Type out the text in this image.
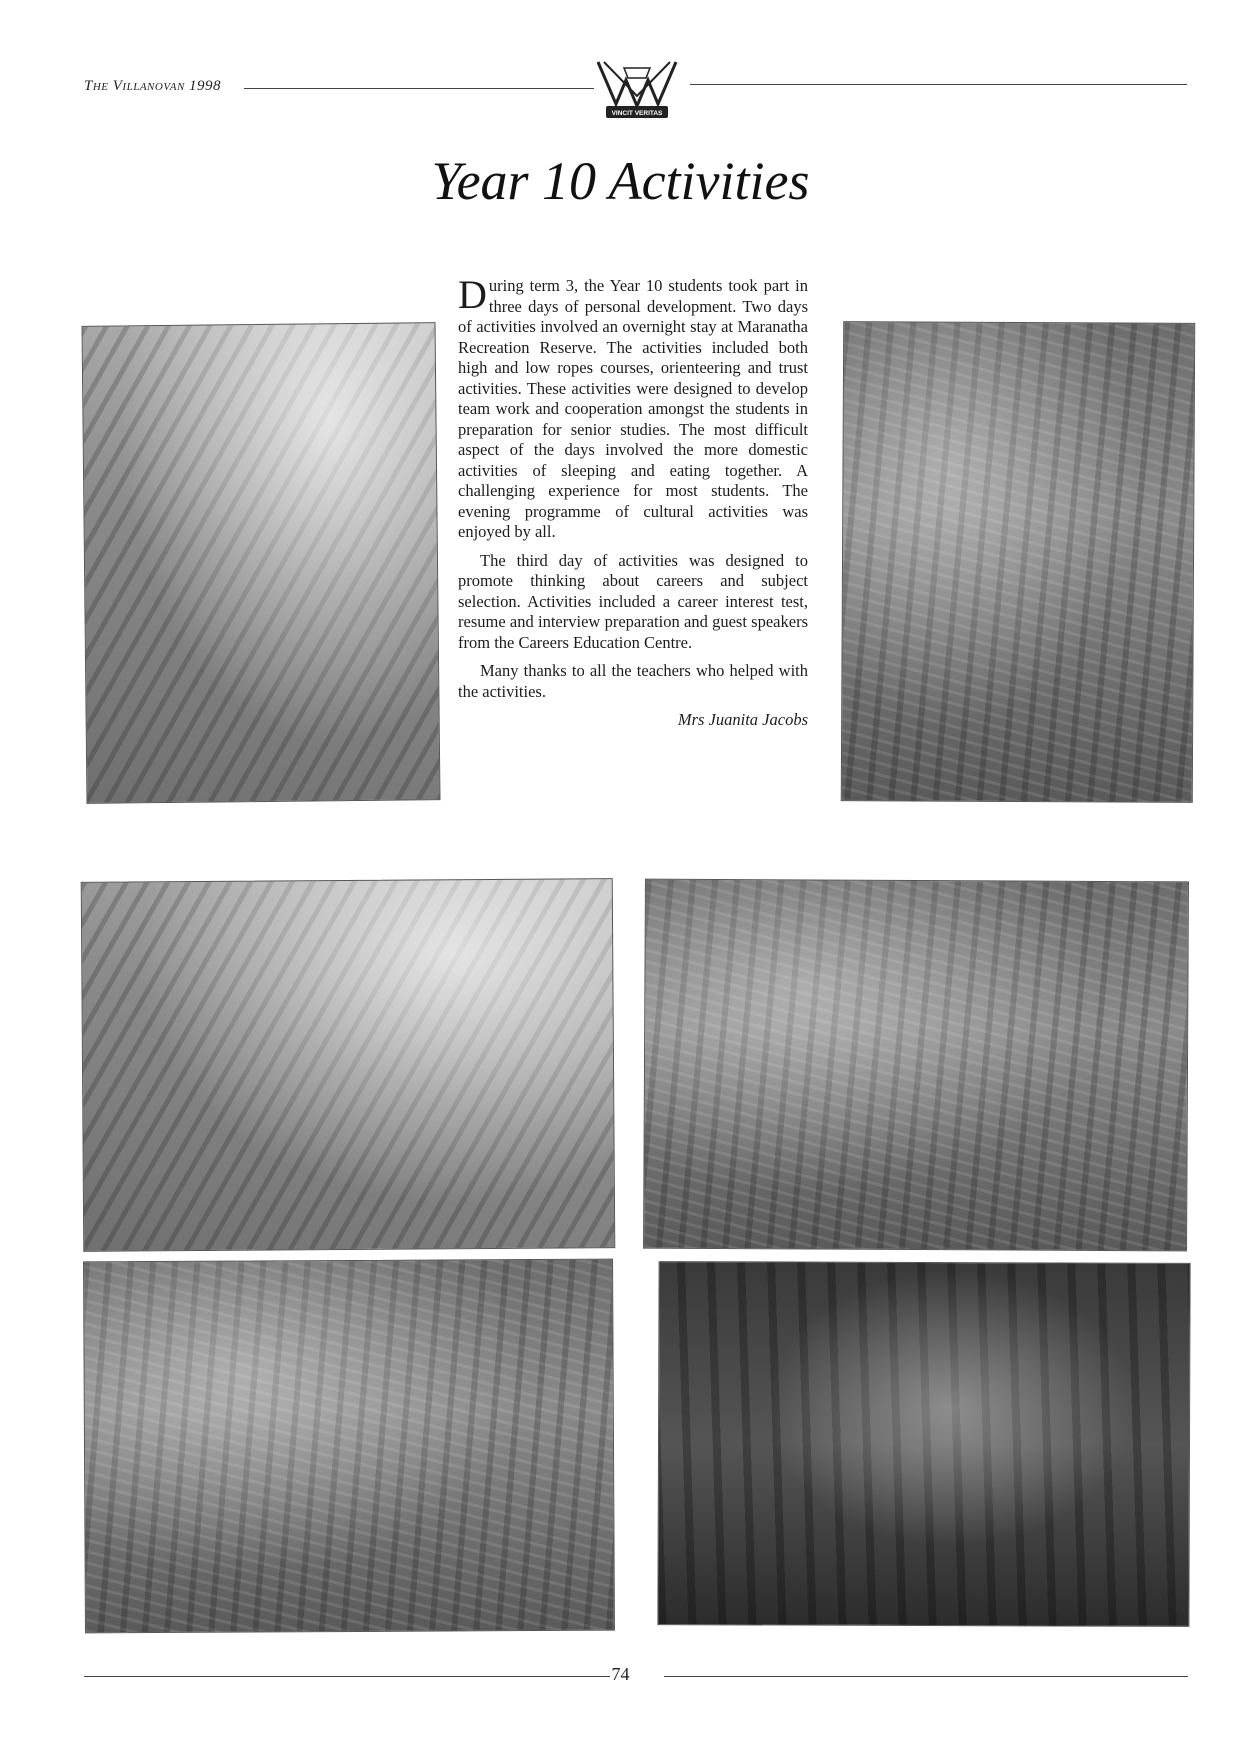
The Villanovan 1998
VINCIT VERITAS
Year 10 Activities

During term 3, the Year 10 students took part in three days of personal development. Two days of activities involved an overnight stay at Maranatha Recreation Reserve. The activities included both high and low ropes courses, orienteering and trust activities. These activities were designed to develop team work and cooperation amongst the students in preparation for senior studies. The most difficult aspect of the days involved the more domestic activities of sleeping and eating together. A challenging experience for most students. The evening programme of cultural activities was enjoyed by all.

The third day of activities was designed to promote thinking about careers and subject selection. Activities included a career interest test, resume and interview preparation and guest speakers from the Careers Education Centre.

Many thanks to all the teachers who helped with the activities.

Mrs Juanita Jacobs
74
